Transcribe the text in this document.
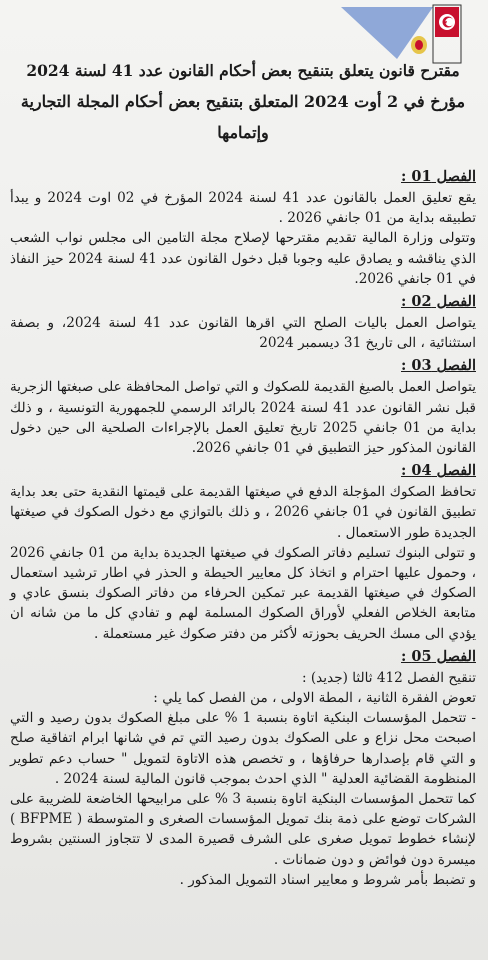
مقترح قانون يتعلق بتنقيح بعض أحكام القانون عدد 41 لسنة 2024
مؤرخ في 2 أوت 2024 المتعلق بتنقيح بعض أحكام المجلة التجارية وإتمامها
الفصل 01 :

يقع تعليق العمل بالقانون عدد 41 لسنة 2024 المؤرخ في 02 اوت 2024 و يبدأ تطبيقه بداية من 01 جانفي 2026 .

وتتولى وزارة المالية تقديم مقترحها لإصلاح مجلة التامين الى مجلس نواب الشعب الذي يناقشه و يصادق عليه وجوبا قبل دخول القانون عدد 41 لسنة 2024 حيز النفاذ في 01 جانفي 2026.

الفصل 02 :

يتواصل العمل باليات الصلح التي اقرها القانون عدد 41 لسنة 2024، و بصفة استثنائية ، الى تاريخ 31 ديسمبر 2024

الفصل 03 :

يتواصل العمل بالصيغ القديمة للصكوك و التي تواصل المحافظة على صبغتها الزجرية قبل نشر القانون عدد 41 لسنة 2024 بالرائد الرسمي للجمهورية التونسية ، و ذلك بداية من 01 جانفي 2025 تاريخ تعليق العمل بالإجراءات الصلحية الى حين دخول القانون المذكور حيز التطبيق في 01 جانفي 2026.

الفصل 04 :

تحافظ الصكوك المؤجلة الدفع في صيغتها القديمة على قيمتها النقدية حتى بعد بداية تطبيق القانون في 01 جانفي 2026 ، و ذلك بالتوازي مع دخول الصكوك في صيغتها الجديدة طور الاستعمال .

و تتولى البنوك تسليم دفاتر الصكوك في صيغتها الجديدة بداية من 01 جانفي 2026 ، وحمول عليها احترام و اتخاذ كل معايير الحيطة و الحذر في اطار ترشيد استعمال الصكوك في صيغتها القديمة عبر تمكين الحرفاء من دفاتر الصكوك بنسق عادي و متابعة الخلاص الفعلي لأوراق الصكوك المسلمة لهم و تفادي كل ما من شانه ان يؤدي الى مسك الحريف بحوزته لأكثر من دفتر صكوك غير مستعملة .

الفصل 05 :

تنقيح الفصل 412 ثالثا (جديد) :

تعوض الفقرة الثانية ، المطة الاولى ، من الفصل كما يلي :

- تتحمل المؤسسات البنكية اتاوة بنسبة 1 % على مبلغ الصكوك بدون رصيد و التي اصبحت محل نزاع و على الصكوك بدون رصيد التي تم في شانها ابرام اتفاقية صلح و التي قام بإصدارها حرفاؤها ، و تخصص هذه الاتاوة لتمويل " حساب دعم تطوير المنظومة القضائية العدلية " الذي احدث بموجب قانون المالية لسنة 2024 .

كما تتحمل المؤسسات البنكية اتاوة بنسبة 3 % على مرابيحها الخاضعة للضريبة على الشركات توضع على ذمة بنك تمويل المؤسسات الصغرى و المتوسطة ( BFPME ) لإنشاء خطوط تمويل صغرى على الشرف قصيرة المدى لا تتجاوز السنتين بشروط ميسرة دون فوائض و دون ضمانات .

و تضبط بأمر شروط و معايير اسناد التمويل المذكور .
